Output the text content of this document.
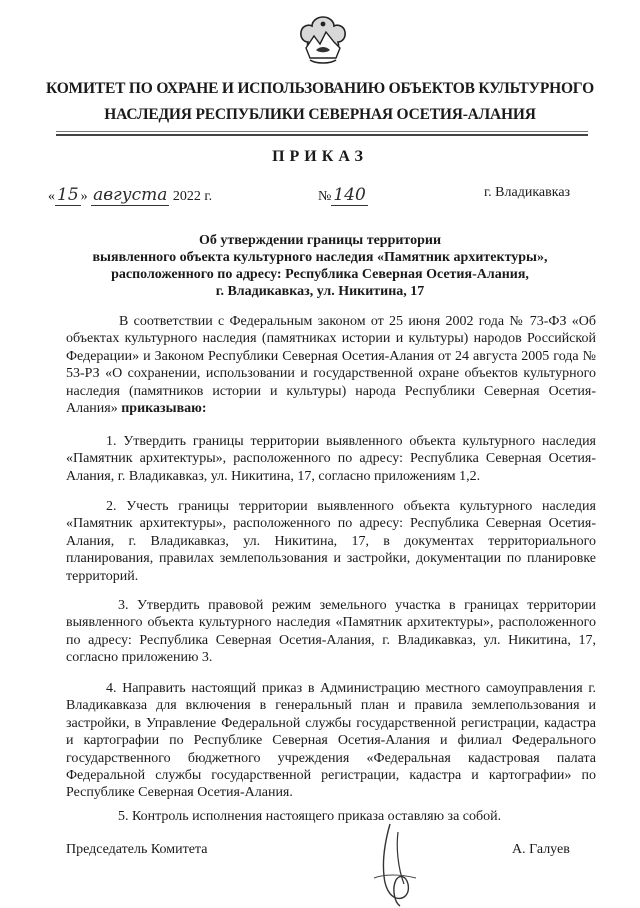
КОМИТЕТ ПО ОХРАНЕ И ИСПОЛЬЗОВАНИЮ ОБЪЕКТОВ КУЛЬТУРНОГО
НАСЛЕДИЯ РЕСПУБЛИКИ СЕВЕРНАЯ ОСЕТИЯ-АЛАНИЯ
ПРИКАЗ
« 15 » августа 2022 г.	№ 140	г. Владикавказ
Об утверждении границы территории
выявленного объекта культурного наследия «Памятник архитектуры»,
расположенного по адресу: Республика Северная Осетия-Алания,
г. Владикавказ, ул. Никитина, 17
В соответствии с Федеральным законом от 25 июня 2002 года № 73-ФЗ «Об объектах культурного наследия (памятниках истории и культуры) народов Российской Федерации» и Законом Республики Северная Осетия-Алания от 24 августа 2005 года № 53-РЗ «О сохранении, использовании и государственной охране объектов культурного наследия (памятников истории и культуры) народа Республики Северная Осетия-Алания» приказываю:
1. Утвердить границы территории выявленного объекта культурного наследия «Памятник архитектуры», расположенного по адресу: Республика Северная Осетия-Алания, г. Владикавказ, ул. Никитина, 17, согласно приложениям 1,2.
2. Учесть границы территории выявленного объекта культурного наследия «Памятник архитектуры», расположенного по адресу: Республика Северная Осетия-Алания, г. Владикавказ, ул. Никитина, 17, в документах территориального планирования, правилах землепользования и застройки, документации по планировке территорий.
3. Утвердить правовой режим земельного участка в границах территории выявленного объекта культурного наследия «Памятник архитектуры», расположенного по адресу: Республика Северная Осетия-Алания, г. Владикавказ, ул. Никитина, 17, согласно приложению 3.
4. Направить настоящий приказ в Администрацию местного самоуправления г. Владикавказа для включения в генеральный план и правила землепользования и застройки, в Управление Федеральной службы государственной регистрации, кадастра и картографии по Республике Северная Осетия-Алания и филиал Федерального государственного бюджетного учреждения «Федеральная кадастровая палата Федеральной службы государственной регистрации, кадастра и картографии» по Республике Северная Осетия-Алания.
5. Контроль исполнения настоящего приказа оставляю за собой.
Председатель Комитета	А. Галуев
